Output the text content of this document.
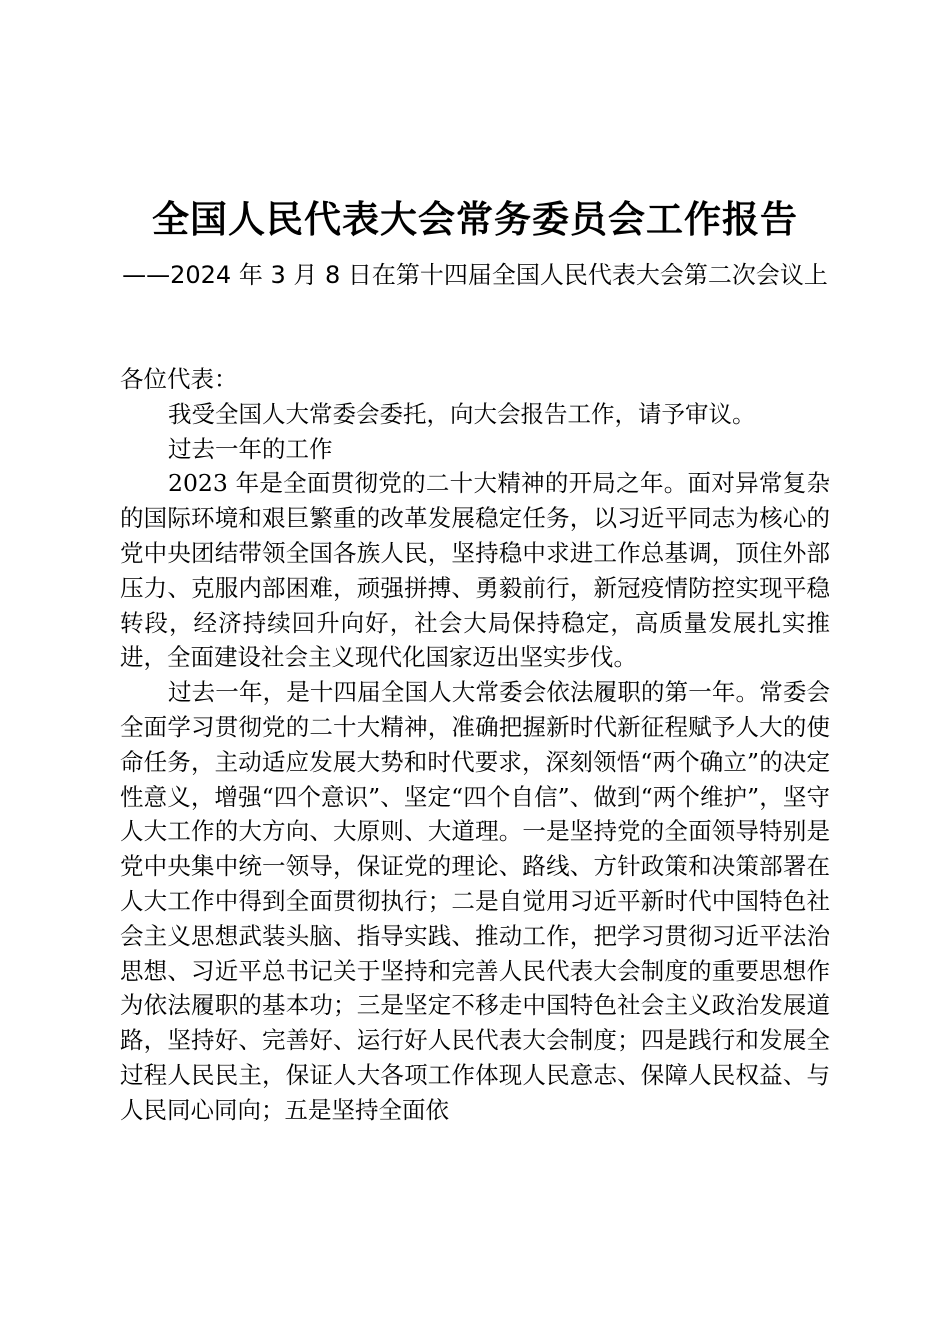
全国人民代表大会常务委员会工作报告
——2024 年 3 月 8 日在第十四届全国人民代表大会第二次会议上

各位代表：

我受全国人大常委会委托，向大会报告工作，请予审议。

过去一年的工作

2023 年是全面贯彻党的二十大精神的开局之年。面对异常复杂的国际环境和艰巨繁重的改革发展稳定任务，以习近平同志为核心的党中央团结带领全国各族人民，坚持稳中求进工作总基调，顶住外部压力、克服内部困难，顽强拼搏、勇毅前行，新冠疫情防控实现平稳转段，经济持续回升向好，社会大局保持稳定，高质量发展扎实推进，全面建设社会主义现代化国家迈出坚实步伐。

过去一年，是十四届全国人大常委会依法履职的第一年。常委会全面学习贯彻党的二十大精神，准确把握新时代新征程赋予人大的使命任务，主动适应发展大势和时代要求，深刻领悟“两个确立”的决定性意义，增强“四个意识”、坚定“四个自信”、做到“两个维护”，坚守人大工作的大方向、大原则、大道理。一是坚持党的全面领导特别是党中央集中统一领导，保证党的理论、路线、方针政策和决策部署在人大工作中得到全面贯彻执行；二是自觉用习近平新时代中国特色社会主义思想武装头脑、指导实践、推动工作，把学习贯彻习近平法治思想、习近平总书记关于坚持和完善人民代表大会制度的重要思想作为依法履职的基本功；三是坚定不移走中国特色社会主义政治发展道路，坚持好、完善好、运行好人民代表大会制度；四是践行和发展全过程人民民主，保证人大各项工作体现人民意志、保障人民权益、与人民同心同向；五是坚持全面依
